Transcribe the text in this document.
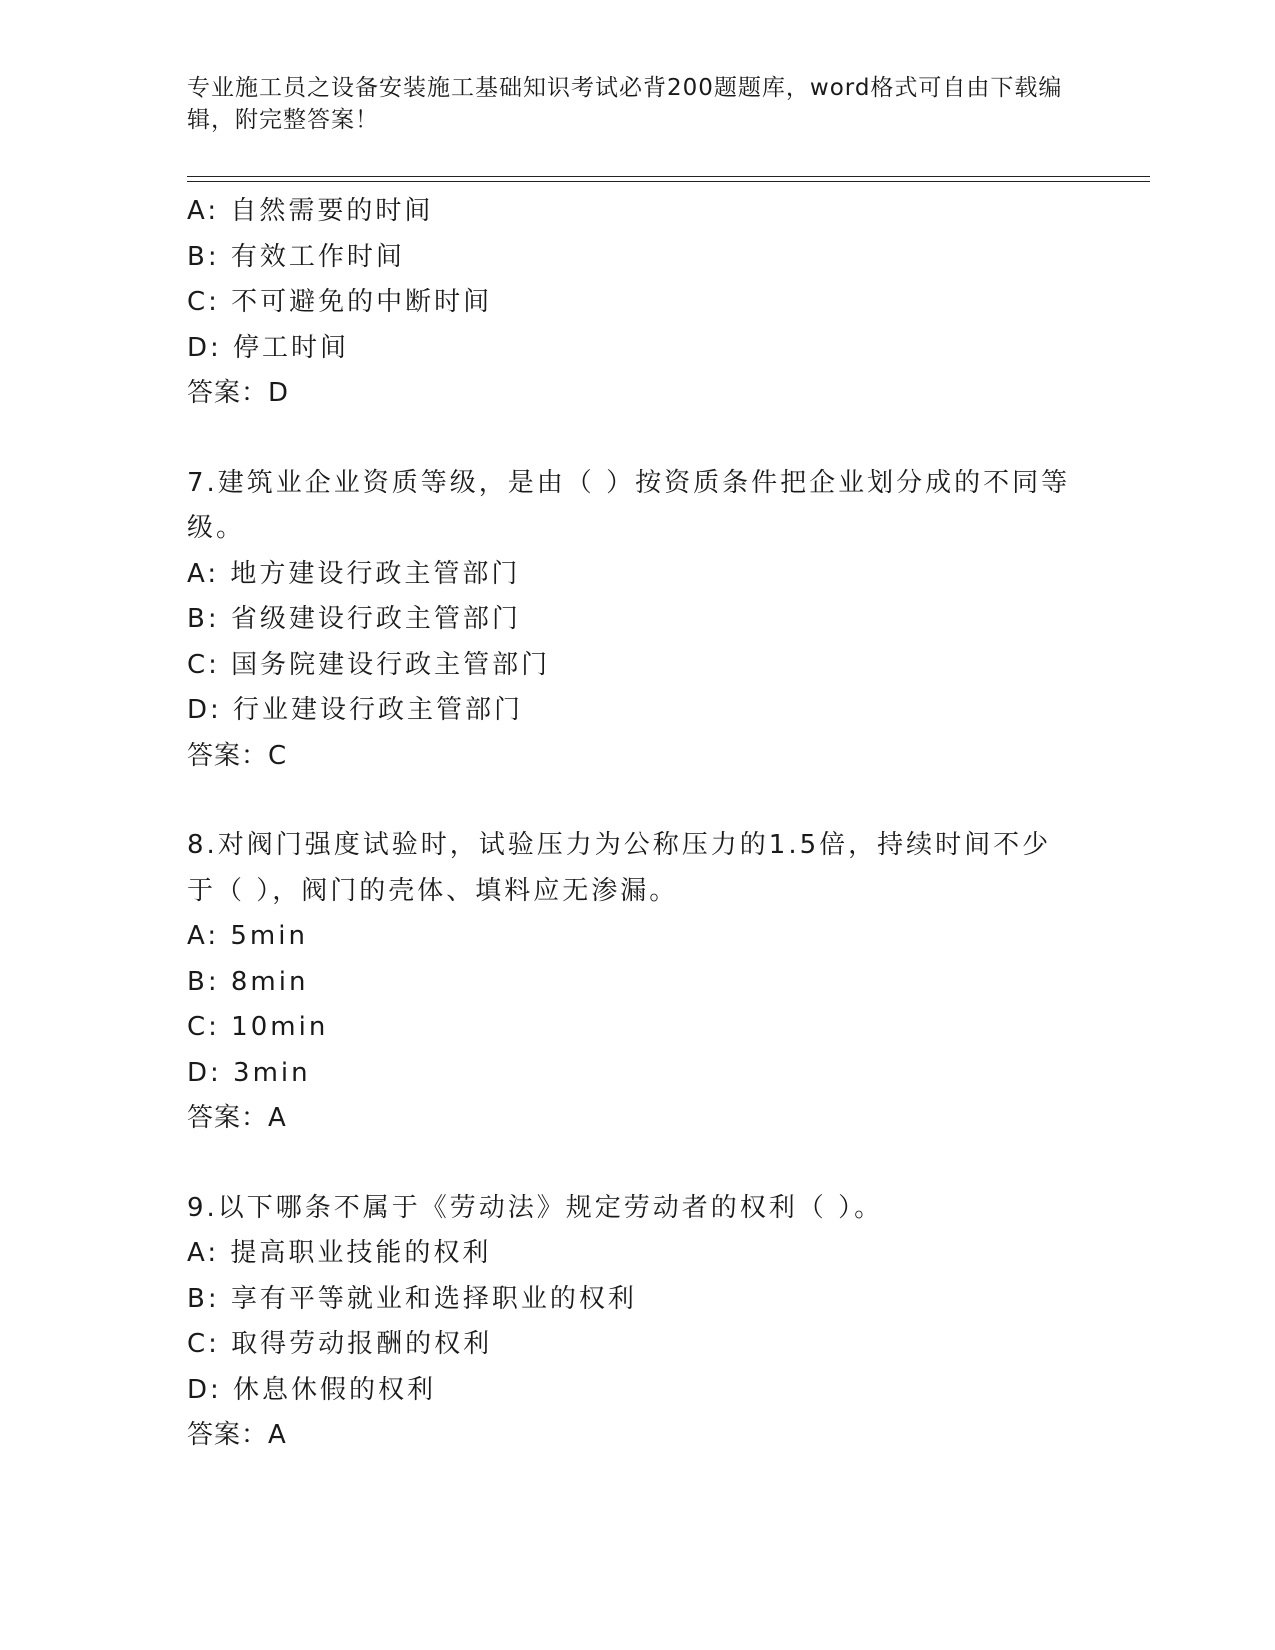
专业施工员之设备安装施工基础知识考试必背200题题库，word格式可自由下载编辑，附完整答案！
A: 自然需要的时间
B: 有效工作时间
C: 不可避免的中断时间
D: 停工时间
答案：D
7.建筑业企业资质等级，是由（ ）按资质条件把企业划分成的不同等
级。
A: 地方建设行政主管部门
B: 省级建设行政主管部门
C: 国务院建设行政主管部门
D: 行业建设行政主管部门
答案：C
8.对阀门强度试验时，试验压力为公称压力的1.5倍，持续时间不少
于（ ），阀门的壳体、填料应无渗漏。
A: 5min
B: 8min
C: 10min
D: 3min
答案：A
9.以下哪条不属于《劳动法》规定劳动者的权利（ ）。
A: 提高职业技能的权利
B: 享有平等就业和选择职业的权利
C: 取得劳动报酬的权利
D: 休息休假的权利
答案：A
